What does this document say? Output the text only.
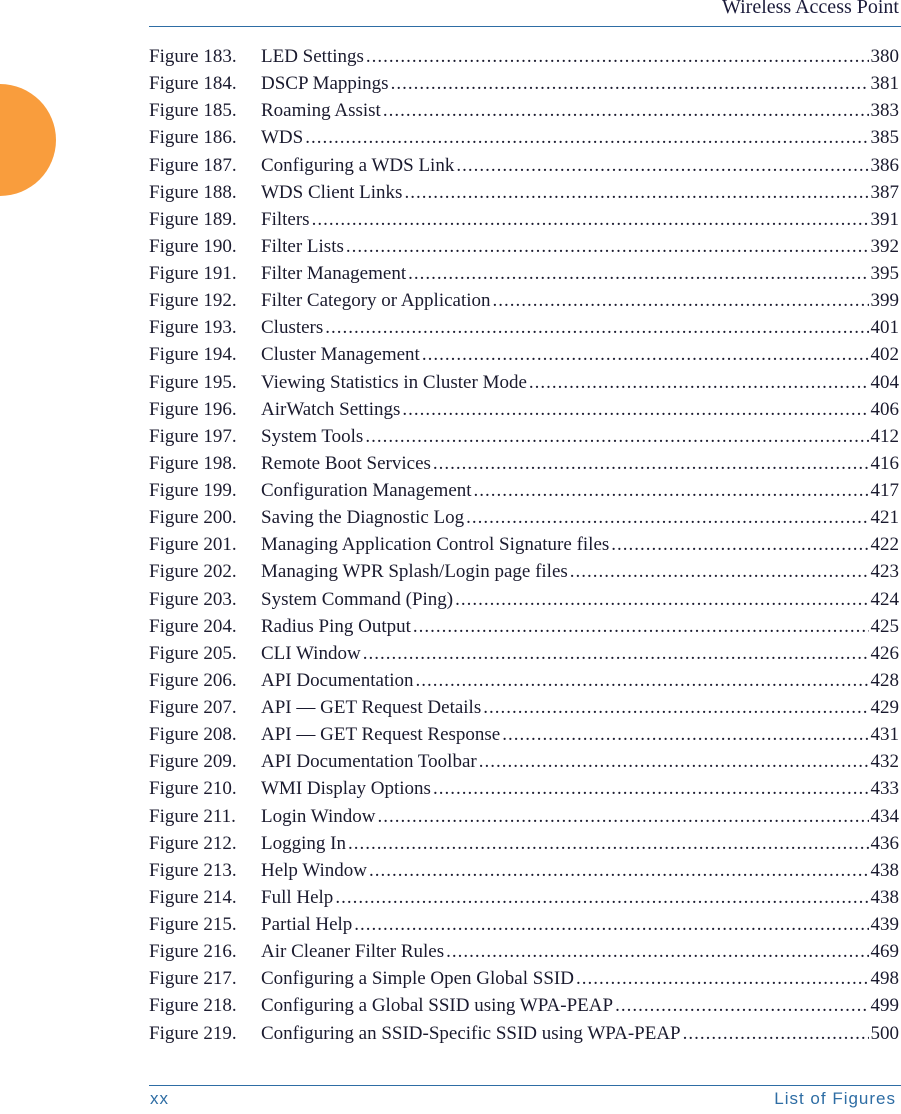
Wireless Access Point
Figure 183.	LED Settings .....	380
Figure 184.	DSCP Mappings .....	381
Figure 185.	Roaming Assist .....	383
Figure 186.	WDS .....	385
Figure 187.	Configuring a WDS Link .....	386
Figure 188.	WDS Client Links .....	387
Figure 189.	Filters .....	391
Figure 190.	Filter Lists .....	392
Figure 191.	Filter Management .....	395
Figure 192.	Filter Category or Application .....	399
Figure 193.	Clusters .....	401
Figure 194.	Cluster Management .....	402
Figure 195.	Viewing Statistics in Cluster Mode .....	404
Figure 196.	AirWatch Settings .....	406
Figure 197.	System Tools .....	412
Figure 198.	Remote Boot Services .....	416
Figure 199.	Configuration Management .....	417
Figure 200.	Saving the Diagnostic Log .....	421
Figure 201.	Managing Application Control Signature files .....	422
Figure 202.	Managing WPR Splash/Login page files .....	423
Figure 203.	System Command (Ping) .....	424
Figure 204.	Radius Ping Output .....	425
Figure 205.	CLI Window .....	426
Figure 206.	API Documentation .....	428
Figure 207.	API — GET Request Details .....	429
Figure 208.	API — GET Request Response .....	431
Figure 209.	API Documentation Toolbar .....	432
Figure 210.	WMI Display Options .....	433
Figure 211.	Login Window .....	434
Figure 212.	Logging In .....	436
Figure 213.	Help Window .....	438
Figure 214.	Full Help .....	438
Figure 215.	Partial Help .....	439
Figure 216.	Air Cleaner Filter Rules .....	469
Figure 217.	Configuring a Simple Open Global SSID .....	498
Figure 218.	Configuring a Global SSID using WPA-PEAP .....	499
Figure 219.	Configuring an SSID-Specific SSID using WPA-PEAP .....	500
xx	List of Figures
